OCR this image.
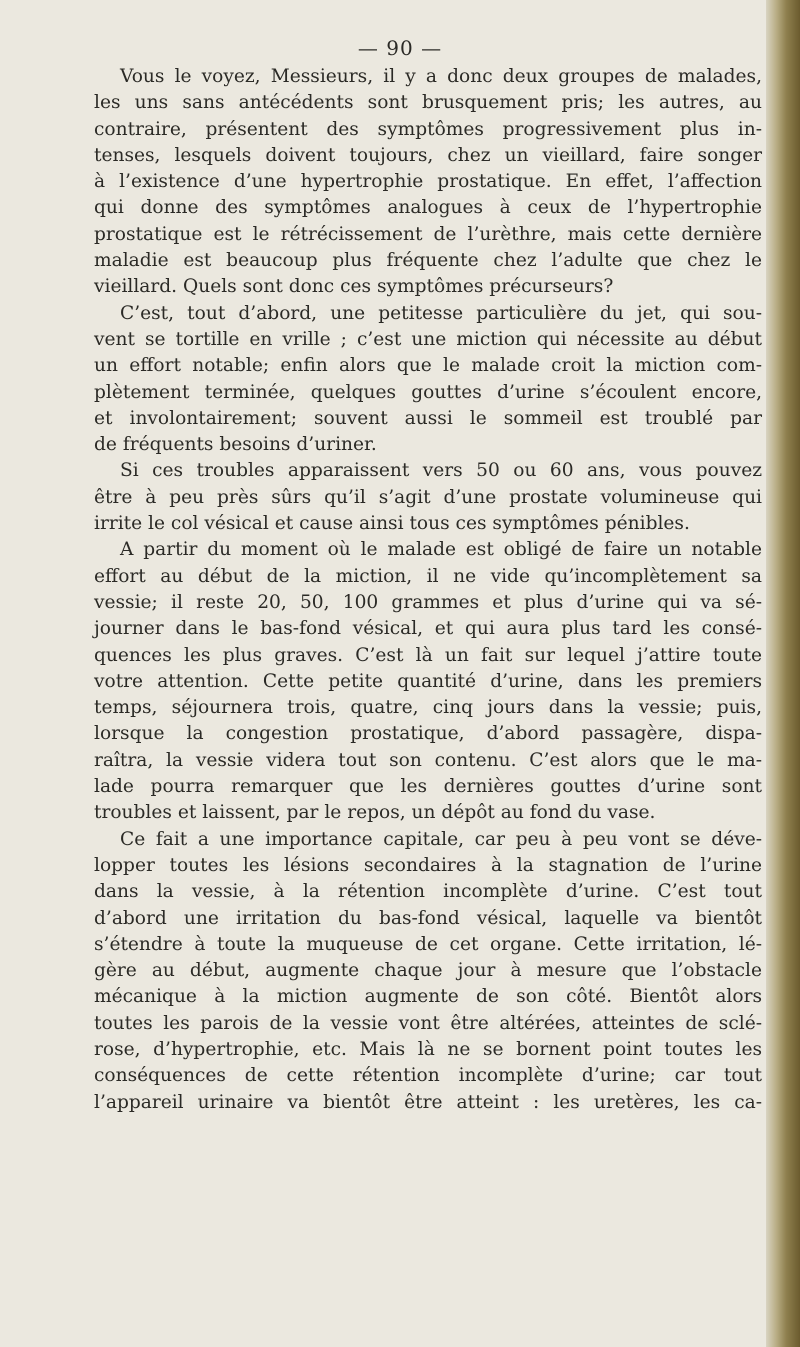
— 90 —
Vous le voyez, Messieurs, il y a donc deux groupes de malades,
les uns sans antécédents sont brusquement pris; les autres, au
contraire, présentent des symptômes progressivement plus in-
tenses, lesquels doivent toujours, chez un vieillard, faire songer
à l’existence d’une hypertrophie prostatique. En effet, l’affection
qui donne des symptômes analogues à ceux de l’hypertrophie
prostatique est le rétrécissement de l’urèthre, mais cette dernière
maladie est beaucoup plus fréquente chez l’adulte que chez le
vieillard. Quels sont donc ces symptômes précurseurs?
C’est, tout d’abord, une petitesse particulière du jet, qui sou-
vent se tortille en vrille ; c’est une miction qui nécessite au début
un effort notable; enfin alors que le malade croit la miction com-
plètement terminée, quelques gouttes d’urine s’écoulent encore,
et involontairement; souvent aussi le sommeil est troublé par
de fréquents besoins d’uriner.
Si ces troubles apparaissent vers 50 ou 60 ans, vous pouvez
être à peu près sûrs qu’il s’agit d’une prostate volumineuse qui
irrite le col vésical et cause ainsi tous ces symptômes pénibles.
A partir du moment où le malade est obligé de faire un notable
effort au début de la miction, il ne vide qu’incomplètement sa
vessie; il reste 20, 50, 100 grammes et plus d’urine qui va sé-
journer dans le bas-fond vésical, et qui aura plus tard les consé-
quences les plus graves. C’est là un fait sur lequel j’attire toute
votre attention. Cette petite quantité d’urine, dans les premiers
temps, séjournera trois, quatre, cinq jours dans la vessie; puis,
lorsque la congestion prostatique, d’abord passagère, dispa-
raîtra, la vessie videra tout son contenu. C’est alors que le ma-
lade pourra remarquer que les dernières gouttes d’urine sont
troubles et laissent, par le repos, un dépôt au fond du vase.
Ce fait a une importance capitale, car peu à peu vont se déve-
lopper toutes les lésions secondaires à la stagnation de l’urine
dans la vessie, à la rétention incomplète d’urine. C’est tout
d’abord une irritation du bas-fond vésical, laquelle va bientôt
s’étendre à toute la muqueuse de cet organe. Cette irritation, lé-
gère au début, augmente chaque jour à mesure que l’obstacle
mécanique à la miction augmente de son côté. Bientôt alors
toutes les parois de la vessie vont être altérées, atteintes de sclé-
rose, d’hypertrophie, etc. Mais là ne se bornent point toutes les
conséquences de cette rétention incomplète d’urine; car tout
l’appareil urinaire va bientôt être atteint : les uretères, les ca-
